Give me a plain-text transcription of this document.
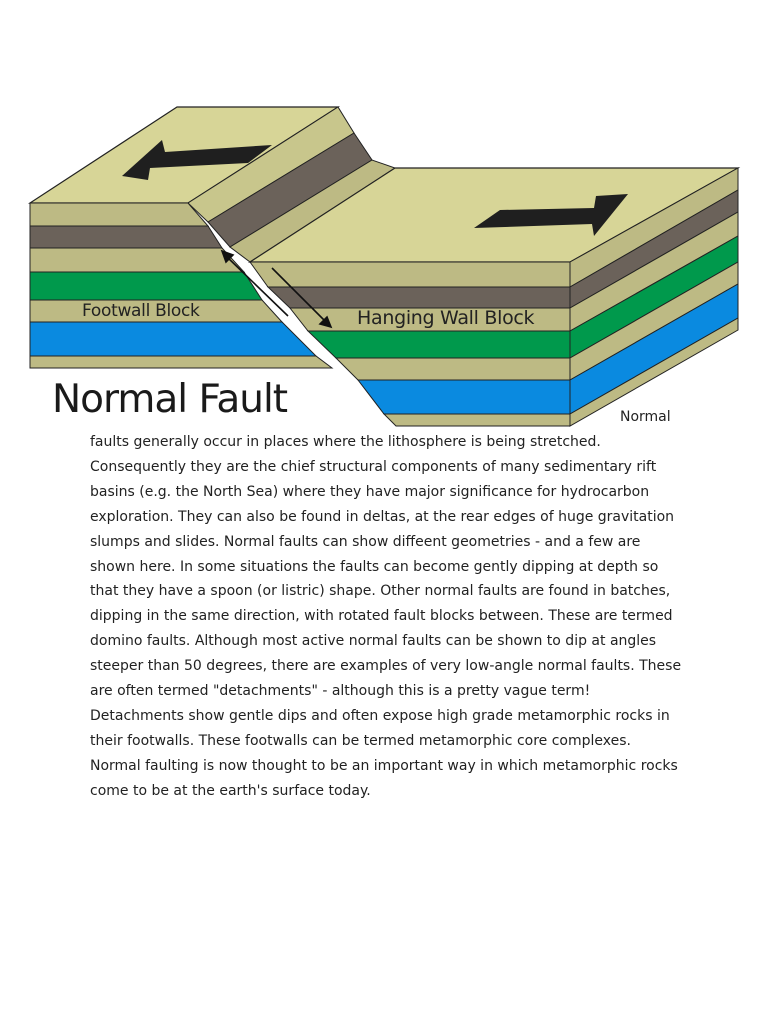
Footwall Block	Hanging Wall Block
Normal Fault	Normal

faults generally occur in places where the lithosphere is being stretched. Consequently they are the chief structural components of many sedimentary rift basins (e.g. the North Sea) where they have major significance for hydrocarbon exploration. They can also be found in deltas, at the rear edges of huge gravitation slumps and slides. Normal faults can show diffeent geometries - and a few are shown here. In some situations the faults can become gently dipping at depth so that they have a spoon (or listric) shape. Other normal faults are found in batches, dipping in the same direction, with rotated fault blocks between. These are termed domino faults. Although most active normal faults can be shown to dip at angles steeper than 50 degrees, there are examples of very low-angle normal faults. These are often termed "detachments" - although this is a pretty vague term! Detachments show gentle dips and often expose high grade metamorphic rocks in their footwalls. These footwalls can be termed metamorphic core complexes. Normal faulting is now thought to be an important way in which metamorphic rocks come to be at the earth's surface today.
